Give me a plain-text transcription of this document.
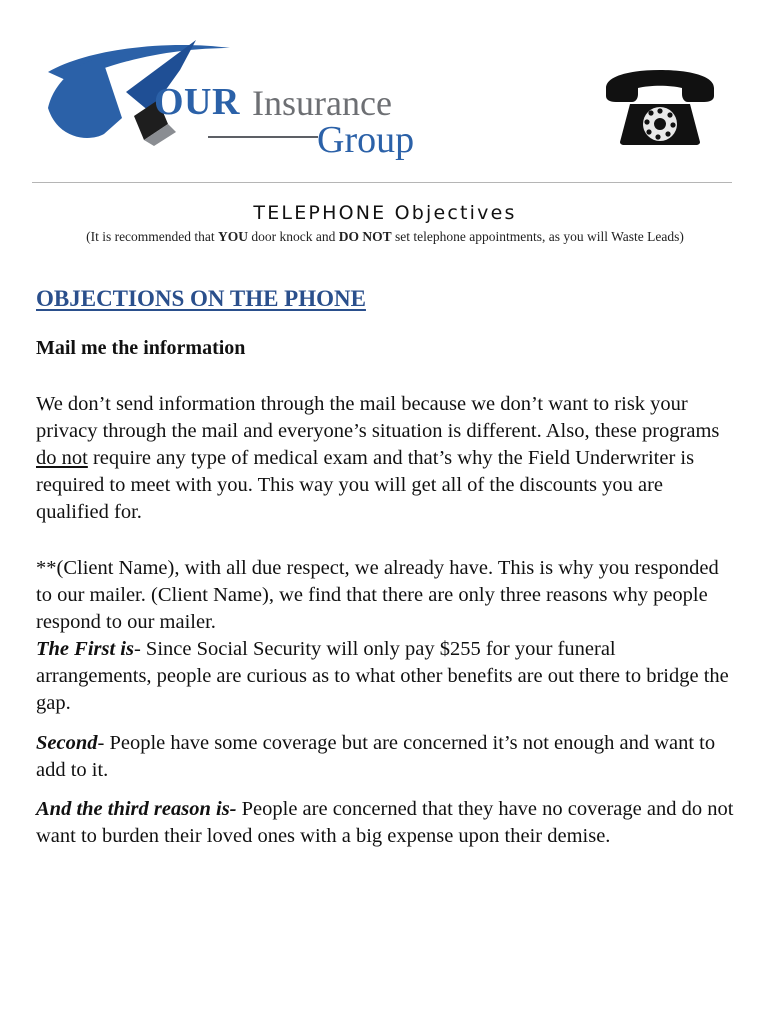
OUR Insurance
Group
TELEPHONE Objectives
(It is recommended that YOU door knock and DO NOT set telephone appointments, as you will Waste Leads)
OBJECTIONS ON THE PHONE
Mail me the information
We don’t send information through the mail because we don’t want to risk your privacy through the mail and everyone’s situation is different. Also, these programs do not require any type of medical exam and that’s why the Field Underwriter is required to meet with you. This way you will get all of the discounts you are qualified for.
**(Client Name), with all due respect, we already have. This is why you responded to our mailer. (Client Name), we find that there are only three reasons why people respond to our mailer.
The First is- Since Social Security will only pay $255 for your funeral arrangements, people are curious as to what other benefits are out there to bridge the gap.
Second- People have some coverage but are concerned it’s not enough and want to add to it.
And the third reason is- People are concerned that they have no coverage and do not want to burden their loved ones with a big expense upon their demise.
